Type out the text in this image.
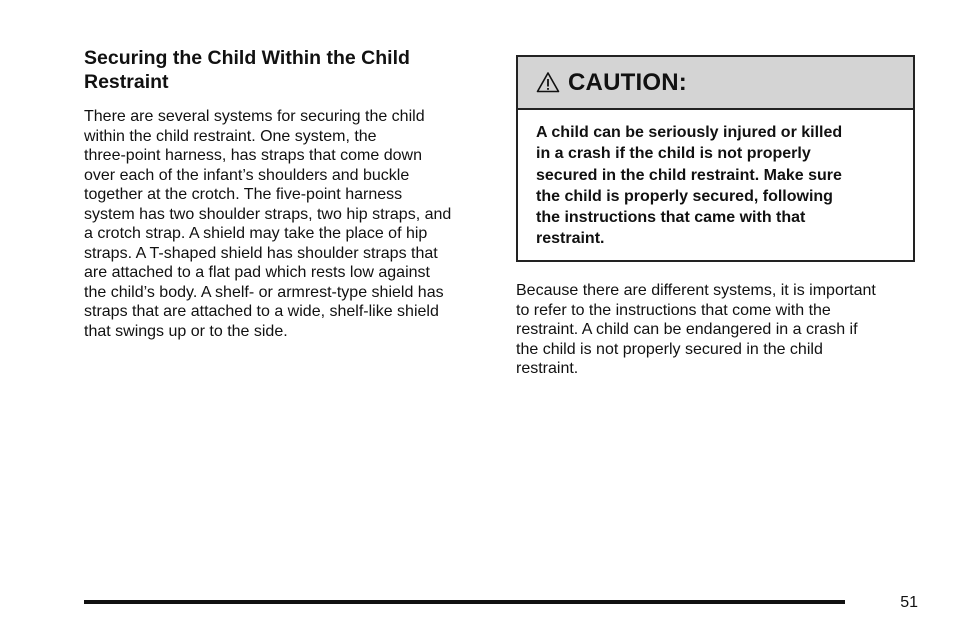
Securing the Child Within the Child
Restraint

There are several systems for securing the child
within the child restraint. One system, the
three-point harness, has straps that come down
over each of the infant’s shoulders and buckle
together at the crotch. The five-point harness
system has two shoulder straps, two hip straps, and
a crotch strap. A shield may take the place of hip
straps. A T-shaped shield has shoulder straps that
are attached to a flat pad which rests low against
the child’s body. A shelf- or armrest-type shield has
straps that are attached to a wide, shelf-like shield
that swings up or to the side.

CAUTION:

A child can be seriously injured or killed
in a crash if the child is not properly
secured in the child restraint. Make sure
the child is properly secured, following
the instructions that came with that
restraint.

Because there are different systems, it is important
to refer to the instructions that come with the
restraint. A child can be endangered in a crash if
the child is not properly secured in the child
restraint.

51
